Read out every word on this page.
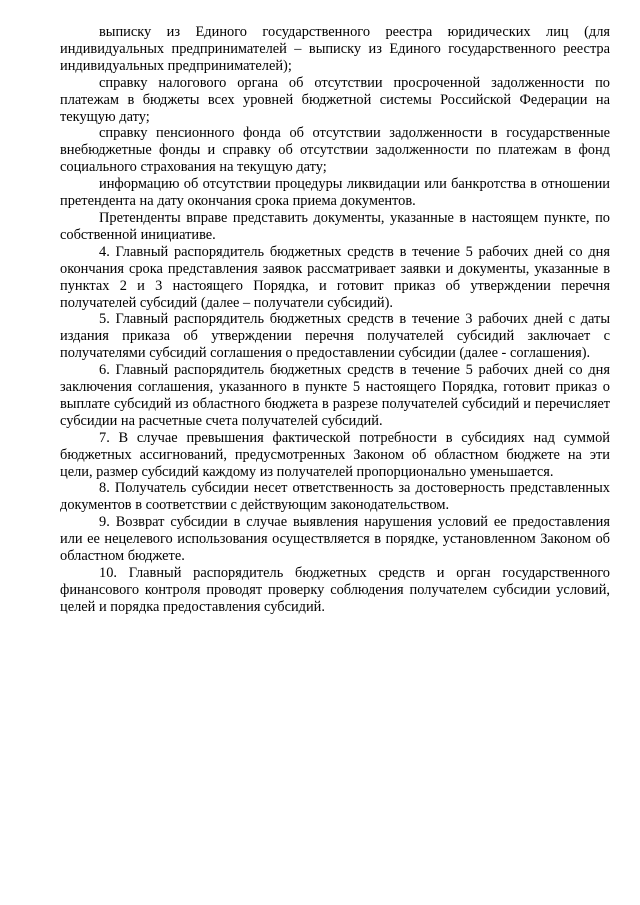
выписку из Единого государственного реестра юридических лиц (для индивидуальных предпринимателей – выписку из Единого государственного реестра индивидуальных предпринимателей);

справку налогового органа об отсутствии просроченной задолженности по платежам в бюджеты всех уровней бюджетной системы Российской Федерации на текущую дату;

справку пенсионного фонда об отсутствии задолженности в государственные внебюджетные фонды и справку об отсутствии задолженности по платежам в фонд социального страхования на текущую дату;

информацию об отсутствии процедуры ликвидации или банкротства в отношении претендента на дату окончания срока приема документов.

Претенденты вправе представить документы, указанные в настоящем пункте, по собственной инициативе.

4. Главный распорядитель бюджетных средств в течение 5 рабочих дней со дня окончания срока представления заявок рассматривает заявки и документы, указанные в пунктах 2 и 3 настоящего Порядка, и готовит приказ об утверждении перечня получателей субсидий (далее – получатели субсидий).

5. Главный распорядитель бюджетных средств в течение 3 рабочих дней с даты издания приказа об утверждении перечня получателей субсидий заключает с получателями субсидий соглашения о предоставлении субсидии (далее - соглашения).

6. Главный распорядитель бюджетных средств в течение 5 рабочих дней со дня заключения соглашения, указанного в пункте 5 настоящего Порядка, готовит приказ о выплате субсидий из областного бюджета в разрезе получателей субсидий и перечисляет субсидии на расчетные счета получателей субсидий.

7. В случае превышения фактической потребности в субсидиях над суммой бюджетных ассигнований, предусмотренных Законом об областном бюджете на эти цели, размер субсидий каждому из получателей пропорционально уменьшается.

8. Получатель субсидии несет ответственность за достоверность представленных документов в соответствии с действующим законодательством.

9. Возврат субсидии в случае выявления нарушения условий ее предоставления или ее нецелевого использования осуществляется в порядке, установленном Законом об областном бюджете.

10. Главный распорядитель бюджетных средств и орган государственного финансового контроля проводят проверку соблюдения получателем субсидии условий, целей и порядка предоставления субсидий.
